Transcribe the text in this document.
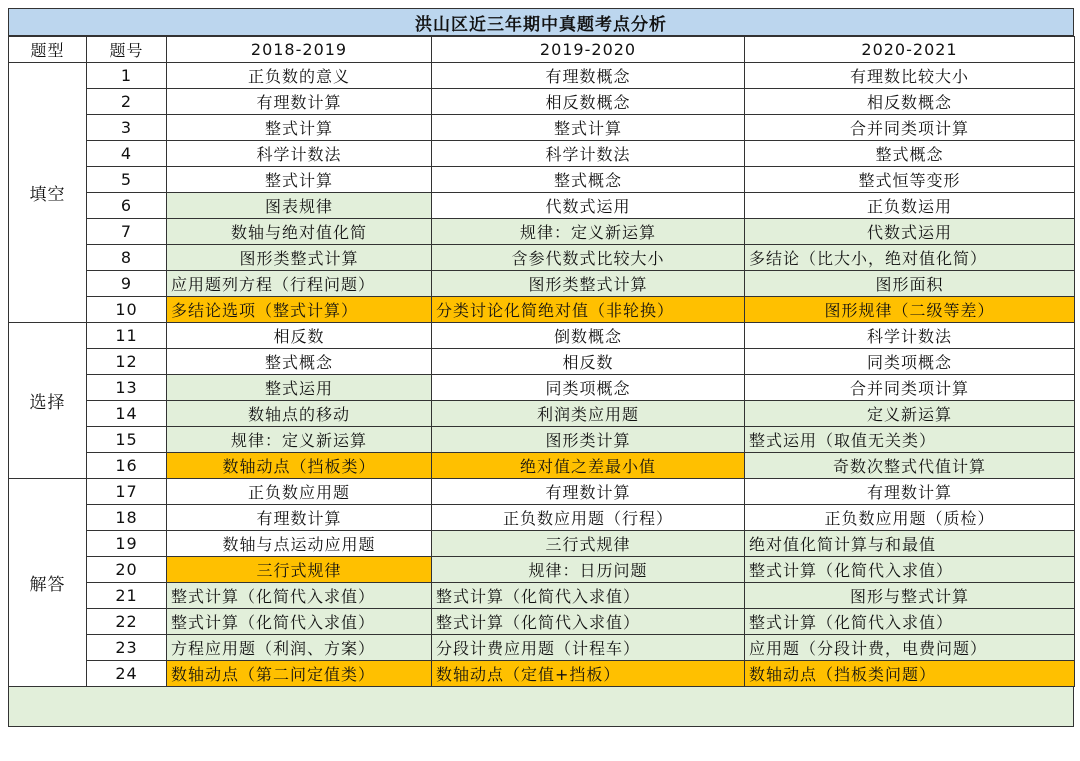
洪山区近三年期中真题考点分析
题型	题号	2018-2019	2019-2020	2020-2021
填空	1	正负数的意义	有理数概念	有理数比较大小
	2	有理数计算	相反数概念	相反数概念
	3	整式计算	整式计算	合并同类项计算
	4	科学计数法	科学计数法	整式概念
	5	整式计算	整式概念	整式恒等变形
	6	图表规律	代数式运用	正负数运用
	7	数轴与绝对值化简	规律：定义新运算	代数式运用
	8	图形类整式计算	含参代数式比较大小	多结论（比大小，绝对值化简）
	9	应用题列方程（行程问题）	图形类整式计算	图形面积
	10	多结论选项（整式计算）	分类讨论化简绝对值（非轮换）	图形规律（二级等差）
选择	11	相反数	倒数概念	科学计数法
	12	整式概念	相反数	同类项概念
	13	整式运用	同类项概念	合并同类项计算
	14	数轴点的移动	利润类应用题	定义新运算
	15	规律：定义新运算	图形类计算	整式运用（取值无关类）
	16	数轴动点（挡板类）	绝对值之差最小值	奇数次整式代值计算
解答	17	正负数应用题	有理数计算	有理数计算
	18	有理数计算	正负数应用题（行程）	正负数应用题（质检）
	19	数轴与点运动应用题	三行式规律	绝对值化简计算与和最值
	20	三行式规律	规律：日历问题	整式计算（化简代入求值）
	21	整式计算（化简代入求值）	整式计算（化简代入求值）	图形与整式计算
	22	整式计算（化简代入求值）	整式计算（化简代入求值）	整式计算（化简代入求值）
	23	方程应用题（利润、方案）	分段计费应用题（计程车）	应用题（分段计费，电费问题）
	24	数轴动点（第二问定值类）	数轴动点（定值+挡板）	数轴动点（挡板类问题）
